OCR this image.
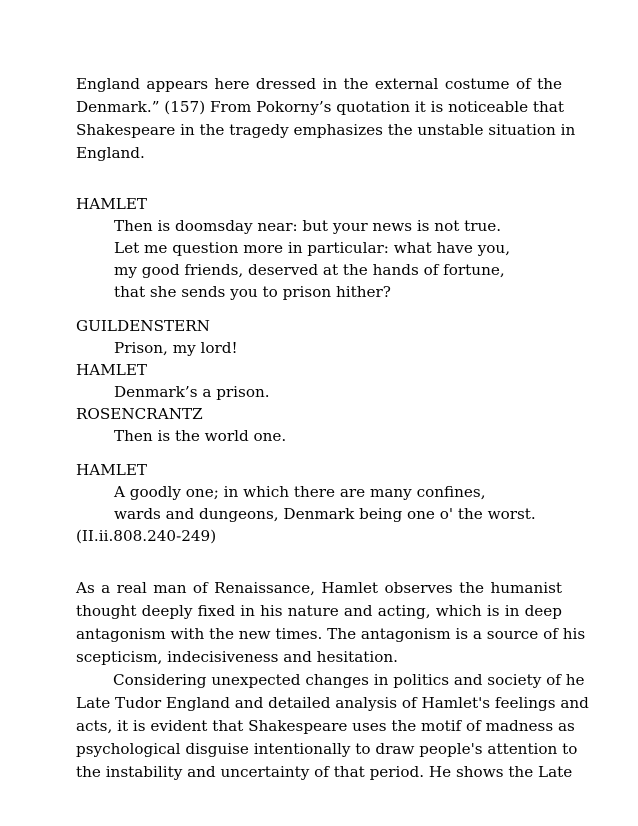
England appears here dressed in the external costume of the
Denmark.” (157) From Pokorny’s quotation it is noticeable that
Shakespeare in the tragedy emphasizes the unstable situation in
England.
HAMLET
Then is doomsday near: but your news is not true.
Let me question more in particular: what have you,
my good friends, deserved at the hands of fortune,
that she sends you to prison hither?
GUILDENSTERN
Prison, my lord!
HAMLET
Denmark’s a prison.
ROSENCRANTZ
Then is the world one.
HAMLET
A goodly one; in which there are many confines,
wards and dungeons, Denmark being one o' the worst.
(II.ii.808.240-249)
As a real man of Renaissance, Hamlet observes the humanist
thought deeply fixed in his nature and acting, which is in deep
antagonism with the new times. The antagonism is a source of his
scepticism, indecisiveness and hesitation.
Considering unexpected changes in politics and society of he
Late Tudor England and detailed analysis of Hamlet's feelings and
acts, it is evident that Shakespeare uses the motif of madness as
psychological disguise intentionally to draw people's attention to
the instability and uncertainty of that period. He shows the Late
